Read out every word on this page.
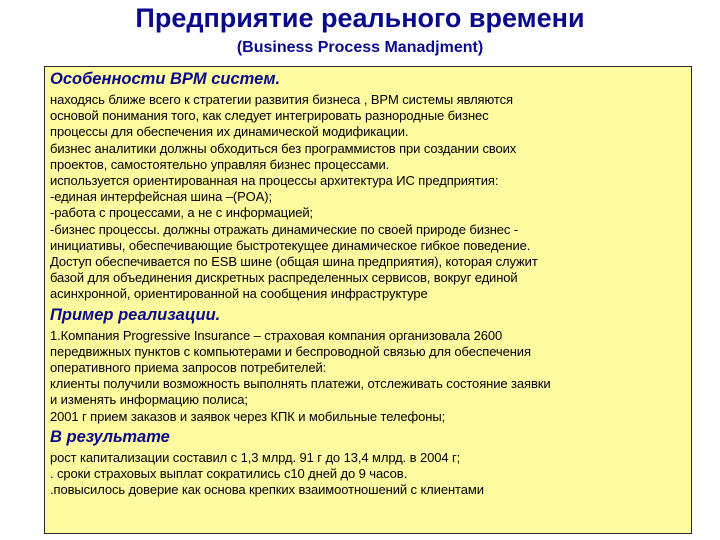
Предприятие реального времени
(Business Process Manadjment)
Особенности BPM систем.

находясь ближе всего к стратегии развития бизнеса , BPM системы являются
основой понимания того, как следует интегрировать разнородные бизнес
процессы для обеспечения их динамической модификации.

бизнес аналитики должны обходиться без программистов при создании своих
проектов, самостоятельно управляя бизнес процессами.

используется ориентированная на процессы архитектура ИС предприятия:

-единая интерфейсная шина –(POA);

-работа с процессами, а не с информацией;

-бизнес процессы. должны отражать динамические по своей природе бизнес -
инициативы, обеспечивающие быстротекущее динамическое гибкое поведение.

Доступ обеспечивается по ESB шине (общая шина предприятия), которая служит
базой для объединения дискретных распределенных сервисов, вокруг единой
асинхронной, ориентированной на сообщения инфраструктуре

Пример реализации.

1.Компания Progressive Insurance – страховая компания организовала 2600
передвижных пунктов с компьютерами и беспроводной связью для обеспечения
оперативного приема запросов потребителей:

клиенты получили возможность выполнять платежи, отслеживать состояние заявки
и изменять информацию полиса;

2001 г прием заказов и заявок через КПК и мобильные телефоны;

В результате

рост капитализации составил с 1,3 млрд. 91 г до 13,4 млрд. в 2004 г;

. сроки страховых выплат сократились с10 дней до 9 часов.

.повысилось доверие как основа крепких взаимоотношений с клиентами
